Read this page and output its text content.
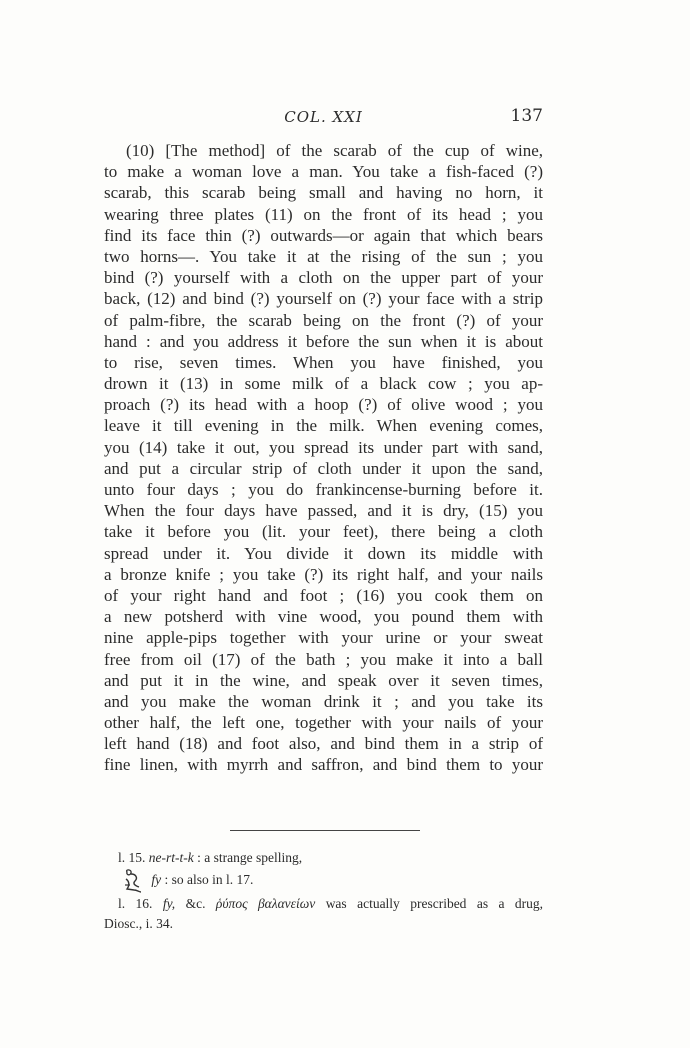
COL. XXI	137
(10) [The method] of the scarab of the cup of wine,
to make a woman love a man. You take a fish-faced (?)
scarab, this scarab being small and having no horn, it
wearing three plates (11) on the front of its head ; you
find its face thin (?) outwards—or again that which bears
two horns—. You take it at the rising of the sun ; you
bind (?) yourself with a cloth on the upper part of your
back, (12) and bind (?) yourself on (?) your face with a strip
of palm-fibre, the scarab being on the front (?) of your
hand : and you address it before the sun when it is about
to rise, seven times. When you have finished, you
drown it (13) in some milk of a black cow ; you ap-
proach (?) its head with a hoop (?) of olive wood ; you
leave it till evening in the milk. When evening comes,
you (14) take it out, you spread its under part with sand,
and put a circular strip of cloth under it upon the sand,
unto four days ; you do frankincense-burning before it.
When the four days have passed, and it is dry, (15) you
take it before you (lit. your feet), there being a cloth
spread under it. You divide it down its middle with
a bronze knife ; you take (?) its right half, and your nails
of your right hand and foot ; (16) you cook them on
a new potsherd with vine wood, you pound them with
nine apple-pips together with your urine or your sweat
free from oil (17) of the bath ; you make it into a ball
and put it in the wine, and speak over it seven times,
and you make the woman drink it ; and you take its
other half, the left one, together with your nails of your
left hand (18) and foot also, and bind them in a strip of
fine linen, with myrrh and saffron, and bind them to your
l. 15. ne-rt-t-k : a strange spelling,
fy : so also in l. 17.
l. 16. fy, &c. ῥύπος βαλανείων was actually prescribed as a drug,
Diosc., i. 34.
